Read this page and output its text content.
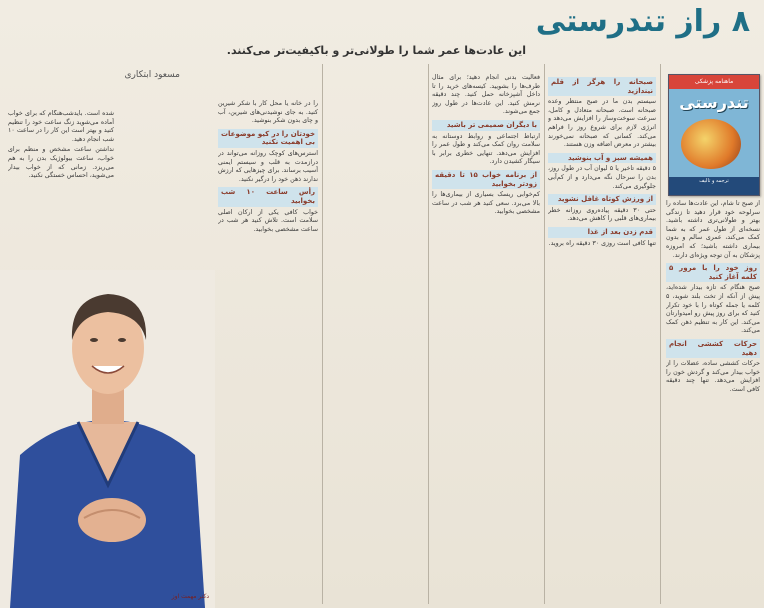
۸ راز تندرستی
این عادت‌ها عمر شما را طولانی‌تر و باکیفیت‌تر می‌کنند.
مسعود ابتکاری
ماهنامه پزشکی
تندرستی
ترجمه و تالیف

از صبح تا شام، این عادت‌ها ساده را سرلوحه خود قرار دهید تا زندگی بهتر و طولانی‌تری داشته باشید. نسخه‌ای از طول عمر که به شما کمک می‌کند، عمری سالم و بدون بیماری داشته باشید؛ که امروزه پزشکان به آن توجه ویژه‌ای دارند.

روز خود را با مرور ۵ کلمه آغاز کنید

صبح هنگام که تازه بیدار شده‌اید، پیش از آنکه از تخت بلند شوید، ۵ کلمه یا جمله کوتاه را با خود تکرار کنید که برای روز پیش رو امیدوارتان می‌کند. این کار به تنظیم ذهن کمک می‌کند.

حرکات کششی انجام دهید

حرکات کششی ساده، عضلات را از خواب بیدار می‌کند و گردش خون را افزایش می‌دهد. تنها چند دقیقه کافی است.

صبحانه را هرگز از قلم نیندازید

سیستم بدن ما در صبح منتظر وعده صبحانه است. صبحانه متعادل و کامل، سرعت سوخت‌وساز را افزایش می‌دهد و انرژی لازم برای شروع روز را فراهم می‌کند. کسانی که صبحانه نمی‌خورند بیشتر در معرض اضافه وزن هستند.

همیشه سبز و آب بنوشید

۵ دقیقه تاخیر یا ۵ لیوان آب در طول روز، بدن را سرحال نگه می‌دارد و از کم‌آبی جلوگیری می‌کند.

از ورزش کوتاه غافل نشوید

حتی ۳۰ دقیقه پیاده‌روی روزانه خطر بیماری‌های قلبی را کاهش می‌دهد.

قدم زدن بعد از غذا

تنها کافی است روزی ۳۰ دقیقه راه بروید.

فعالیت بدنی انجام دهید؛ برای مثال طرف‌ها را بشویید. کیسه‌های خرید را تا داخل آشپزخانه حمل کنید. چند دقیقه نرمش کنید. این عادت‌ها در طول روز جمع می‌شوند.

با دیگران صمیمی تر باشید

ارتباط اجتماعی و روابط دوستانه به سلامت روان کمک می‌کند و طول عمر را افزایش می‌دهد. تنهایی خطری برابر با سیگار کشیدن دارد.

از برنامه خواب ۱۵ تا دقیقه زودتر بخوابید

کم‌خوابی ریسک بسیاری از بیماری‌ها را بالا می‌برد. سعی کنید هر شب در ساعت مشخصی بخوابید.

را در خانه یا محل کار با شکر شیرین کنید. به جای نوشیدنی‌های شیرین، آب و چای بدون شکر بنوشید.

خودتان را در کیو موضوعات بی اهمیت نکنید

استرس‌های کوچک روزانه می‌تواند در درازمدت به قلب و سیستم ایمنی آسیب برساند. برای چیزهایی که ارزش ندارند ذهن خود را درگیر نکنید.

رأس ساعت ۱۰ شب بخوابید

خواب کافی یکی از ارکان اصلی سلامت است. تلاش کنید هر شب در ساعت مشخصی بخوابید.

شده است. بایدشب‌هنگام که برای خواب آماده می‌شوید زنگ ساعت خود را تنظیم کنید و بهتر است این کار را در ساعت ۱۰ شب انجام دهید.

نداشتن ساعت مشخص و منظم برای خواب، ساعت بیولوژیک بدن را به هم می‌ریزد. زمانی که از خواب بیدار می‌شوید، احساس خستگی نکنید.

دکتر مهمت اوز
